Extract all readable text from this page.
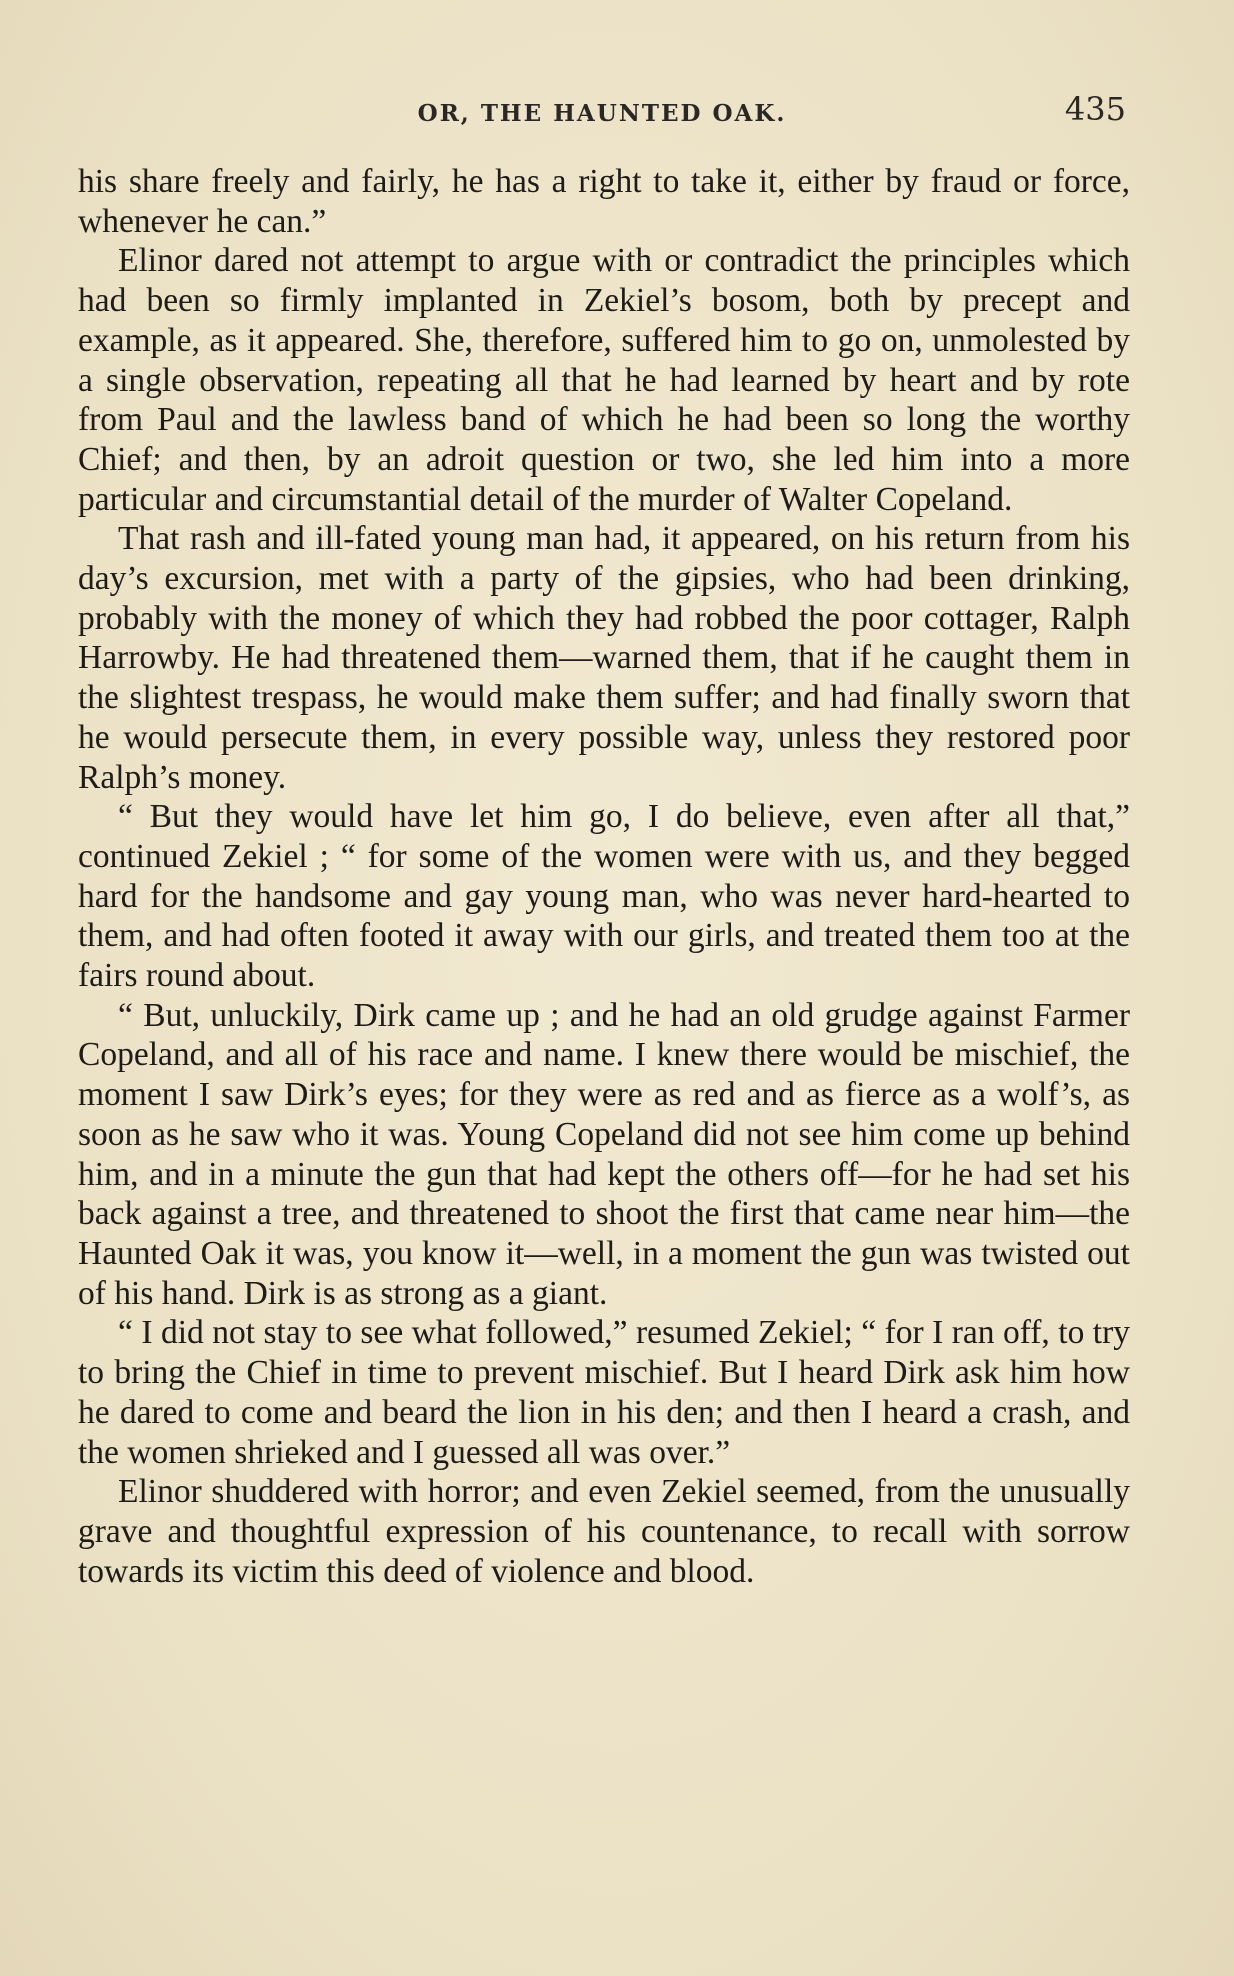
OR, THE HAUNTED OAK.	435

his share freely and fairly, he has a right to take it, either by fraud or force, whenever he can.”

Elinor dared not attempt to argue with or contradict the principles which had been so firmly implanted in Zekiel’s bosom, both by precept and example, as it appeared. She, therefore, suffered him to go on, unmolested by a single observation, repeating all that he had learned by heart and by rote from Paul and the lawless band of which he had been so long the worthy Chief; and then, by an adroit question or two, she led him into a more particular and circumstantial detail of the murder of Walter Copeland.

That rash and ill-fated young man had, it appeared, on his return from his day’s excursion, met with a party of the gipsies, who had been drinking, probably with the money of which they had robbed the poor cottager, Ralph Harrowby. He had threatened them—warned them, that if he caught them in the slightest trespass, he would make them suffer; and had finally sworn that he would persecute them, in every possible way, unless they restored poor Ralph’s money.

“ But they would have let him go, I do believe, even after all that,” continued Zekiel ; “ for some of the women were with us, and they begged hard for the handsome and gay young man, who was never hard-hearted to them, and had often footed it away with our girls, and treated them too at the fairs round about.

“ But, unluckily, Dirk came up ; and he had an old grudge against Farmer Copeland, and all of his race and name. I knew there would be mischief, the moment I saw Dirk’s eyes; for they were as red and as fierce as a wolf’s, as soon as he saw who it was. Young Copeland did not see him come up behind him, and in a minute the gun that had kept the others off—for he had set his back against a tree, and threatened to shoot the first that came near him—the Haunted Oak it was, you know it—well, in a moment the gun was twisted out of his hand. Dirk is as strong as a giant.

“ I did not stay to see what followed,” resumed Zekiel; “ for I ran off, to try to bring the Chief in time to prevent mischief. But I heard Dirk ask him how he dared to come and beard the lion in his den; and then I heard a crash, and the women shrieked and I guessed all was over.”

Elinor shuddered with horror; and even Zekiel seemed, from the unusually grave and thoughtful expression of his countenance, to recall with sorrow towards its victim this deed of violence and blood.
